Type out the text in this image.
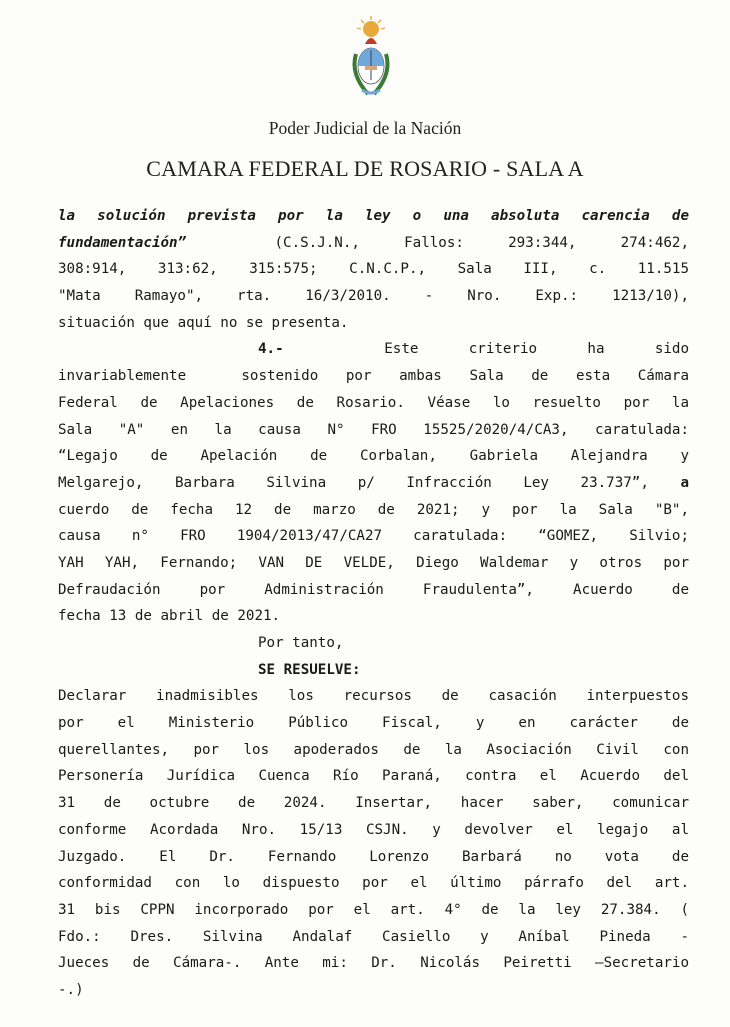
Poder Judicial de la Nación
CAMARA FEDERAL DE ROSARIO - SALA A
la solución prevista por la ley o una absoluta carencia de
fundamentación”  (C.S.J.N., Fallos: 293:344, 274:462,
308:914, 313:62, 315:575; C.N.C.P., Sala III, c. 11.515
"Mata Ramayo", rta. 16/3/2010. - Nro. Exp.: 1213/10),
situación que aquí no se presenta.
4.-  Este criterio ha sido
invariablemente  sostenido por ambas Sala de esta Cámara
Federal de Apelaciones de Rosario. Véase lo resuelto por la
Sala "A" en la causa N° FRO 15525/2020/4/CA3, caratulada:
“Legajo de Apelación de Corbalan, Gabriela Alejandra y
Melgarejo, Barbara Silvina p/ Infracción Ley 23.737”, a
cuerdo de fecha 12 de marzo de 2021; y por la Sala "B",
causa n° FRO 1904/2013/47/CA27 caratulada: “GOMEZ, Silvio;
YAH YAH, Fernando; VAN DE VELDE, Diego Waldemar y otros por
Defraudación por Administración Fraudulenta”, Acuerdo de
fecha 13 de abril de 2021.
Por tanto,
SE RESUELVE:
Declarar inadmisibles los recursos de casación interpuestos
por el Ministerio Público Fiscal, y en carácter de
querellantes, por los apoderados de la Asociación Civil con
Personería Jurídica Cuenca Río Paraná, contra el Acuerdo del
31 de octubre de 2024. Insertar, hacer saber, comunicar
conforme Acordada Nro. 15/13 CSJN. y devolver el legajo al
Juzgado. El Dr. Fernando Lorenzo Barbará no vota de
conformidad con lo dispuesto por el último párrafo del art.
31 bis CPPN incorporado por el art. 4° de la ley 27.384. (
Fdo.: Dres. Silvina Andalaf Casiello y Aníbal Pineda -
Jueces de Cámara-. Ante mi: Dr. Nicolás Peiretti –Secretario
-.)
